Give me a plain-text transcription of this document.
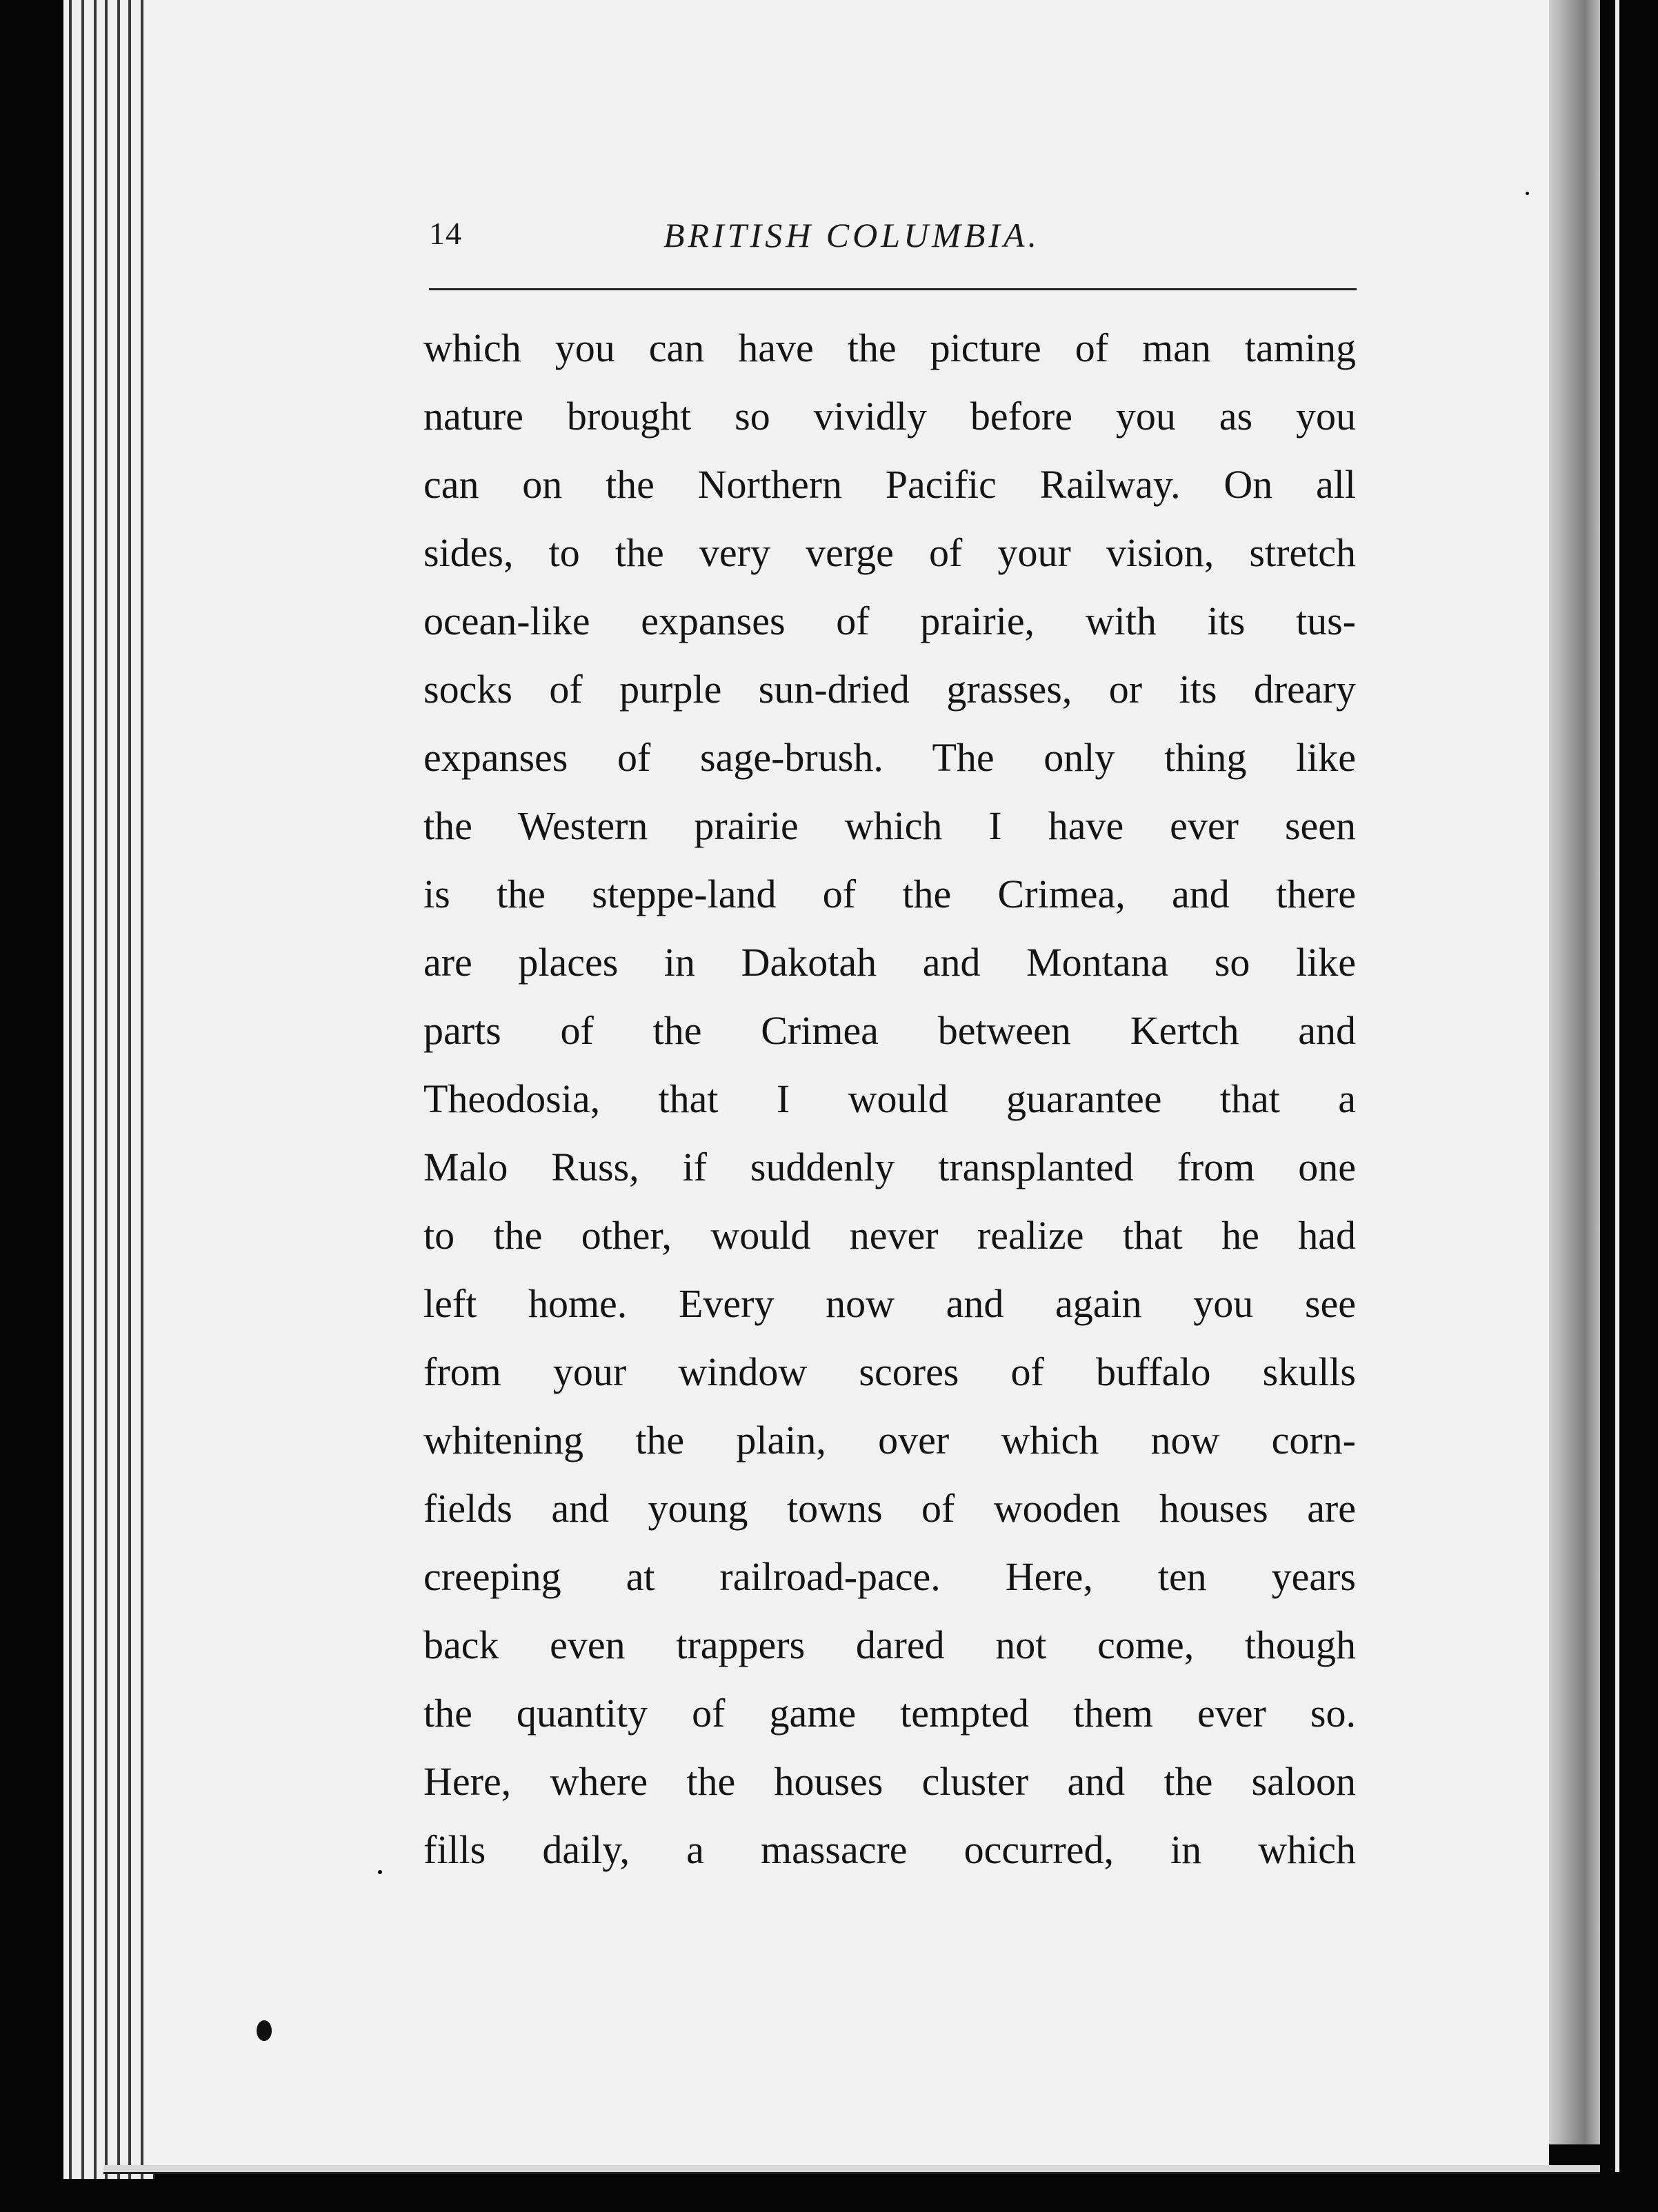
14	BRITISH COLUMBIA.
which you can have the picture of man taming
nature brought so vividly before you as you
can on the Northern Pacific Railway. On all
sides, to the very verge of your vision, stretch
ocean-like expanses of prairie, with its tus-
socks of purple sun-dried grasses, or its dreary
expanses of sage-brush. The only thing like
the Western prairie which I have ever seen
is the steppe-land of the Crimea, and there
are places in Dakotah and Montana so like
parts of the Crimea between Kertch and
Theodosia, that I would guarantee that a
Malo Russ, if suddenly transplanted from one
to the other, would never realize that he had
left home. Every now and again you see
from your window scores of buffalo skulls
whitening the plain, over which now corn-
fields and young towns of wooden houses are
creeping at railroad-pace. Here, ten years
back even trappers dared not come, though
the quantity of game tempted them ever so.
Here, where the houses cluster and the saloon
fills daily, a massacre occurred, in which
